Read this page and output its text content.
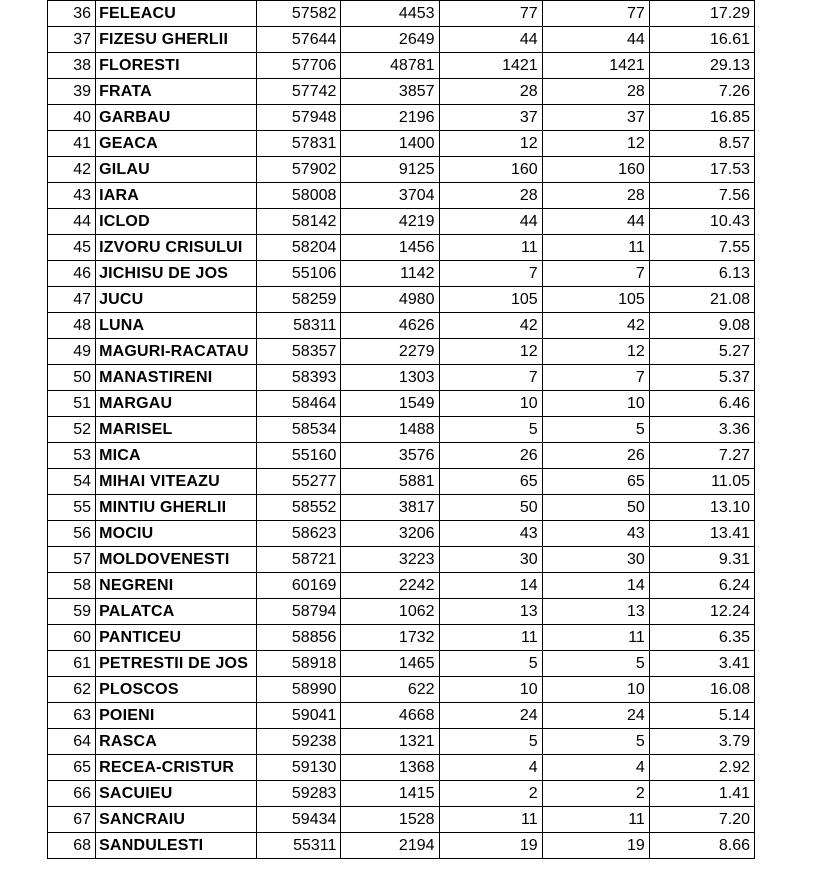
36	FELEACU	57582	4453	77	77	17.29
37	FIZESU GHERLII	57644	2649	44	44	16.61
38	FLORESTI	57706	48781	1421	1421	29.13
39	FRATA	57742	3857	28	28	7.26
40	GARBAU	57948	2196	37	37	16.85
41	GEACA	57831	1400	12	12	8.57
42	GILAU	57902	9125	160	160	17.53
43	IARA	58008	3704	28	28	7.56
44	ICLOD	58142	4219	44	44	10.43
45	IZVORU CRISULUI	58204	1456	11	11	7.55
46	JICHISU DE JOS	55106	1142	7	7	6.13
47	JUCU	58259	4980	105	105	21.08
48	LUNA	58311	4626	42	42	9.08
49	MAGURI-RACATAU	58357	2279	12	12	5.27
50	MANASTIRENI	58393	1303	7	7	5.37
51	MARGAU	58464	1549	10	10	6.46
52	MARISEL	58534	1488	5	5	3.36
53	MICA	55160	3576	26	26	7.27
54	MIHAI VITEAZU	55277	5881	65	65	11.05
55	MINTIU GHERLII	58552	3817	50	50	13.10
56	MOCIU	58623	3206	43	43	13.41
57	MOLDOVENESTI	58721	3223	30	30	9.31
58	NEGRENI	60169	2242	14	14	6.24
59	PALATCA	58794	1062	13	13	12.24
60	PANTICEU	58856	1732	11	11	6.35
61	PETRESTII DE JOS	58918	1465	5	5	3.41
62	PLOSCOS	58990	622	10	10	16.08
63	POIENI	59041	4668	24	24	5.14
64	RASCA	59238	1321	5	5	3.79
65	RECEA-CRISTUR	59130	1368	4	4	2.92
66	SACUIEU	59283	1415	2	2	1.41
67	SANCRAIU	59434	1528	11	11	7.20
68	SANDULESTI	55311	2194	19	19	8.66
